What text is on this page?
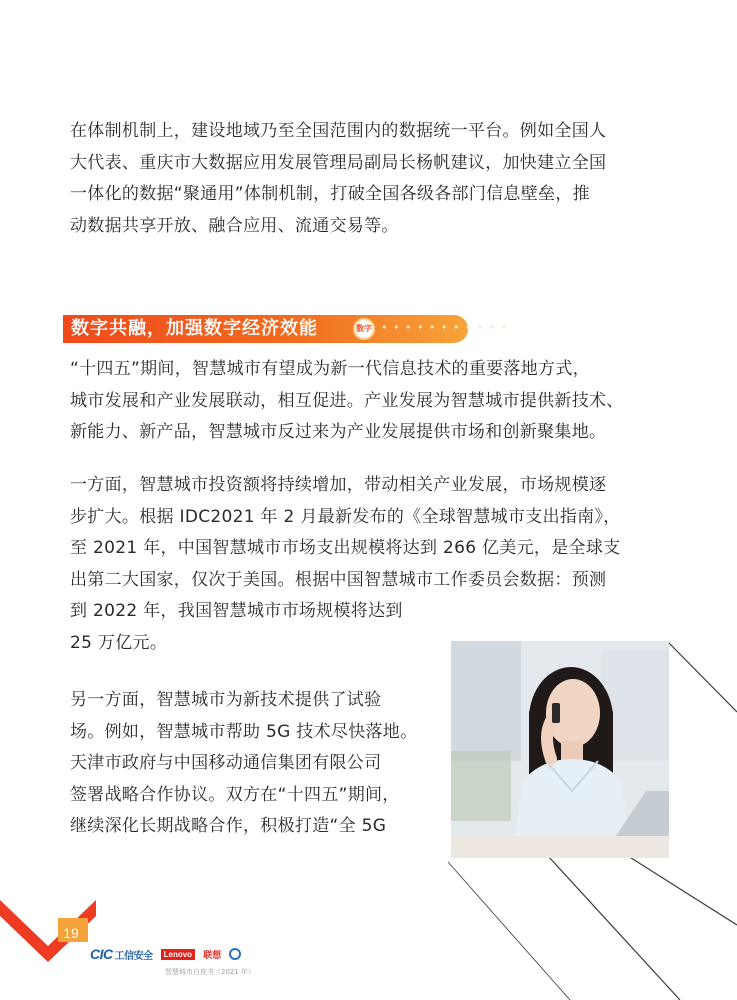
在体制机制上，建设地域乃至全国范围内的数据统一平台。例如全国人
大代表、重庆市大数据应用发展管理局副局长杨帆建议，加快建立全国
一体化的数据“聚通用”体制机制，打破全国各级各部门信息壁垒，推
动数据共享开放、融合应用、流通交易等。
数字共融，加强数字经济效能	数字 • • • • • • • • • • •
“十四五”期间，智慧城市有望成为新一代信息技术的重要落地方式，
城市发展和产业发展联动，相互促进。产业发展为智慧城市提供新技术、
新能力、新产品，智慧城市反过来为产业发展提供市场和创新聚集地。
一方面，智慧城市投资额将持续增加，带动相关产业发展，市场规模逐
步扩大。根据 IDC2021 年 2 月最新发布的《全球智慧城市支出指南》，
至 2021 年，中国智慧城市市场支出规模将达到 266 亿美元，是全球支
出第二大国家，仅次于美国。根据中国智慧城市工作委员会数据：预测
到 2022 年，我国智慧城市市场规模将达到
25 万亿元。
另一方面，智慧城市为新技术提供了试验
场。例如，智慧城市帮助 5G 技术尽快落地。
天津市政府与中国移动通信集团有限公司
签署战略合作协议。双方在“十四五”期间，
继续深化长期战略合作，积极打造“全 5G
19
CIC 工信安全	Lenovo	联想
智慧城市白皮书（2021 年）
